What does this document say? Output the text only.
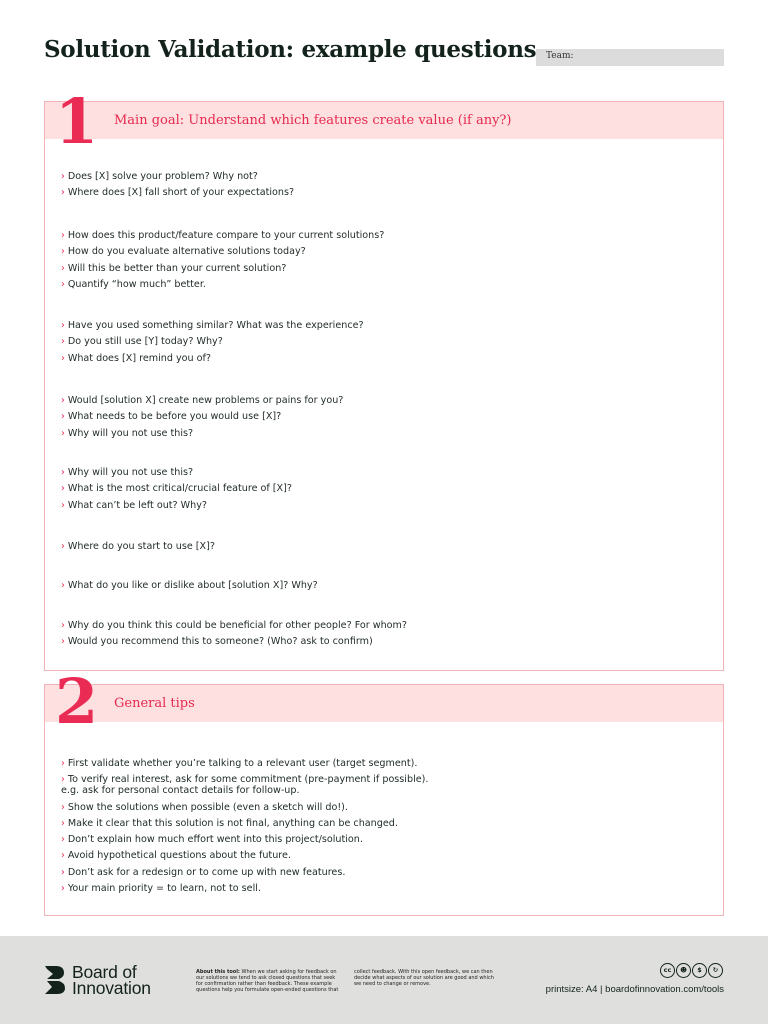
Solution Validation: example questions	Team:
1 Main goal: Understand which features create value (if any?)
› Does [X] solve your problem? Why not?
› Where does [X] fall short of your expectations?
› How does this product/feature compare to your current solutions?
› How do you evaluate alternative solutions today?
› Will this be better than your current solution?
› Quantify “how much” better.
› Have you used something similar? What was the experience?
› Do you still use [Y] today? Why?
› What does [X] remind you of?
› Would [solution X] create new problems or pains for you?
› What needs to be before you would use [X]?
› Why will you not use this?
› Why will you not use this?
› What is the most critical/crucial feature of [X]?
› What can’t be left out? Why?
› Where do you start to use [X]?
› What do you like or dislike about [solution X]? Why?
› Why do you think this could be beneficial for other people? For whom?
› Would you recommend this to someone? (Who? ask to confirm)
2 General tips
› First validate whether you’re talking to a relevant user (target segment).
› To verify real interest, ask for some commitment (pre-payment if possible).
e.g. ask for personal contact details for follow-up.
› Show the solutions when possible (even a sketch will do!).
› Make it clear that this solution is not final, anything can be changed.
› Don’t explain how much effort went into this project/solution.
› Avoid hypothetical questions about the future.
› Don’t ask for a redesign or to come up with new features.
› Your main priority = to learn, not to sell.
Board of
Innovation
About this tool: When we start asking for feedback on our solutions we tend to ask closed questions that seek for confirmation rather than feedback. These example questions help you formulate open-ended questions that
collect feedback. With this open feedback, we can then decide what aspects of our solution are good and which we need to change or remove.
cc	☻	$	↻
printsize: A4 | boardofinnovation.com/tools
